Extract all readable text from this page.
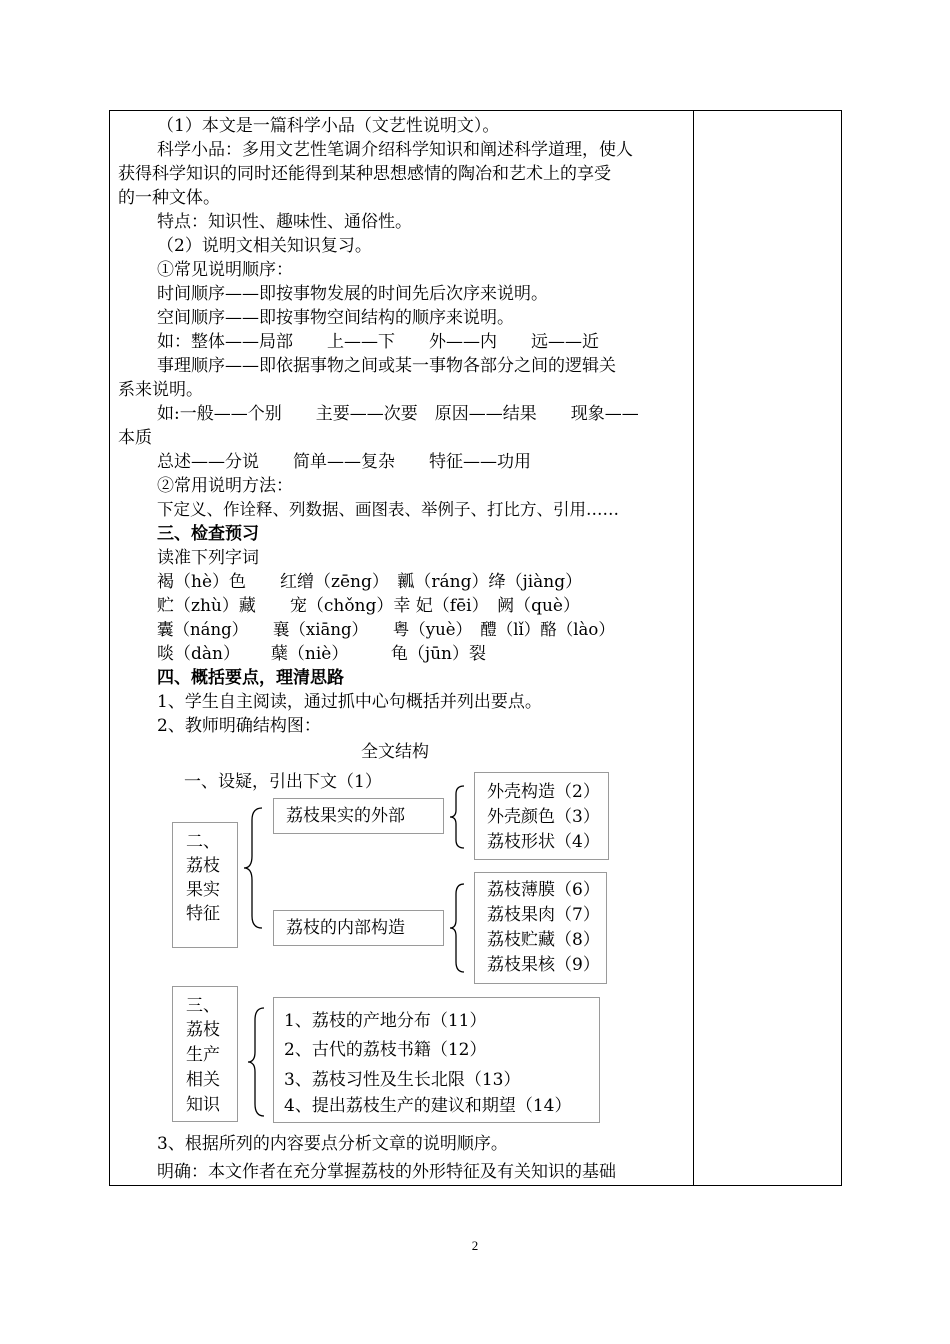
（1）本文是一篇科学小品（文艺性说明文）。
科学小品：多用文艺性笔调介绍科学知识和阐述科学道理，使人
获得科学知识的同时还能得到某种思想感情的陶冶和艺术上的享受
的一种文体。
特点：知识性、趣味性、通俗性。
（2）说明文相关知识复习。
①常见说明顺序：
时间顺序——即按事物发展的时间先后次序来说明。
空间顺序——即按事物空间结构的顺序来说明。
如：整体——局部　　上——下　　外——内　　远——近
事理顺序——即依据事物之间或某一事物各部分之间的逻辑关
系来说明。
如:一般——个别　　主要——次要　原因——结果　　现象——
本质
总述——分说　　简单——复杂　　特征——功用
②常用说明方法：
下定义、作诠释、列数据、画图表、举例子、打比方、引用……
三、检查预习
读准下列字词
褐（hè）色　　红缯（zēng）　瓤（ráng）绛（jiàng）
贮（zhù）藏　　宠（chǒng）幸 妃（fēi）　阙（què）
囊（náng）　　襄（xiāng）　　粤（yuè）　醴（lǐ）酪（lào）
啖（dàn）　　 蘖（niè）　　　龟（jūn）裂
四、概括要点，理清思路
1、学生自主阅读，通过抓中心句概括并列出要点。
2、教师明确结构图：
全文结构
一、设疑，引出下文（1）
二、
荔枝
果实
特征
荔枝果实的外部
外壳构造（2）
外壳颜色（3）
荔枝形状（4）
荔枝的内部构造
荔枝薄膜（6）
荔枝果肉（7）
荔枝贮藏（8）
荔枝果核（9）
三、
荔枝
生产
相关
知识
1、荔枝的产地分布（11）
2、古代的荔枝书籍（12）
3、荔枝习性及生长北限（13）
4、提出荔枝生产的建议和期望（14）
3、根据所列的内容要点分析文章的说明顺序。
明确：本文作者在充分掌握荔枝的外形特征及有关知识的基础
2
